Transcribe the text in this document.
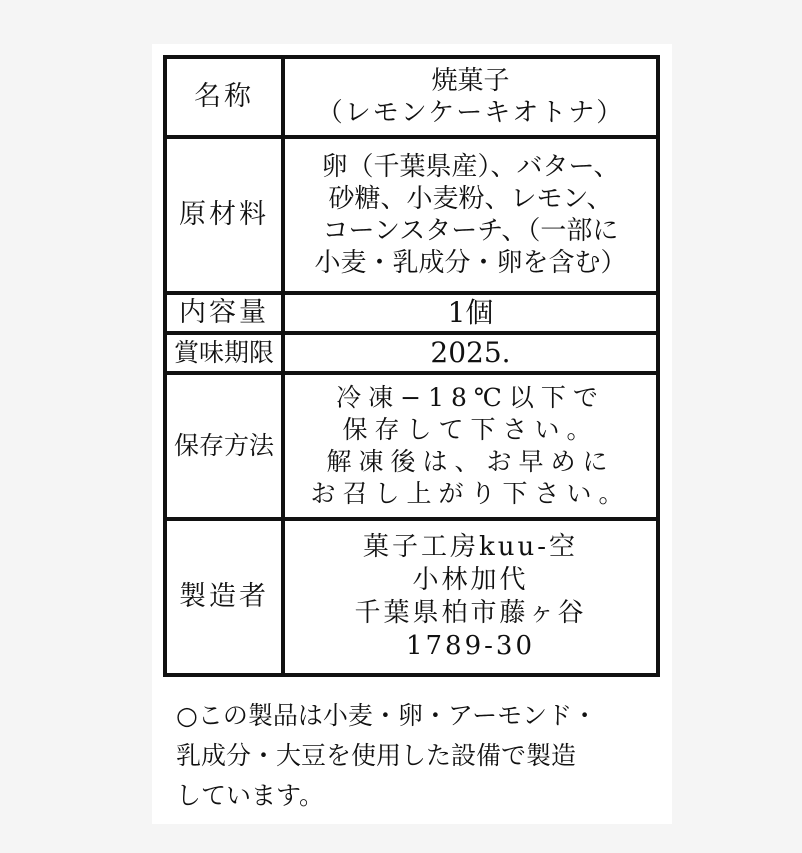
名称	焼菓子
（レモンケーキオトナ）

原材料	卵（千葉県産）、バター、
砂糖、小麦粉、レモン、
コーンスターチ、（一部に
小麦・乳成分・卵を含む）

内容量	1個

賞味期限	2025.

保存方法	冷凍−18℃以下で
保存して下さい。
解凍後は、お早めに
お召し上がり下さい。

製造者	菓子工房kuu-空
小林加代
千葉県柏市藤ヶ谷
1789-30
○この製品は小麦・卵・アーモンド・
乳成分・大豆を使用した設備で製造
しています。
